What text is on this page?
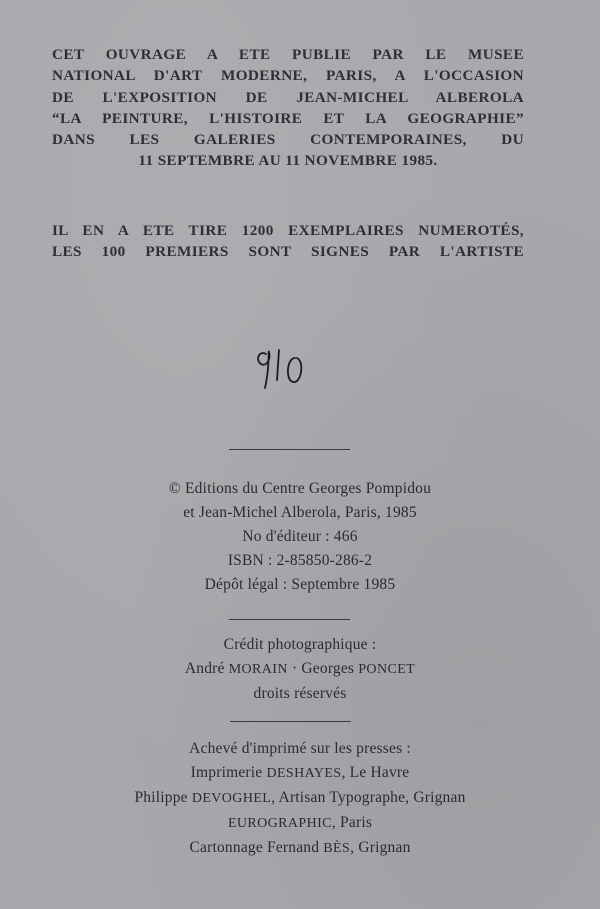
CET OUVRAGE A ETE PUBLIE PAR LE MUSEE
NATIONAL D'ART MODERNE, PARIS, A L'OCCASION
DE L'EXPOSITION DE JEAN-MICHEL ALBEROLA
“LA PEINTURE, L'HISTOIRE ET LA GEOGRAPHIE”
DANS LES GALERIES CONTEMPORAINES, DU
11 SEPTEMBRE AU 11 NOVEMBRE 1985.
IL EN A ETE TIRE 1200 EXEMPLAIRES NUMEROTÉS,
LES 100 PREMIERS SONT SIGNES PAR L'ARTISTE
© Editions du Centre Georges Pompidou
et Jean-Michel Alberola, Paris, 1985
No d'éditeur : 466
ISBN : 2-85850-286-2
Dépôt légal : Septembre 1985
Crédit photographique :
André MORAIN · Georges PONCET
droits réservés
Achevé d'imprimé sur les presses :
Imprimerie DESHAYES, Le Havre
Philippe DEVOGHEL, Artisan Typographe, Grignan
EUROGRAPHIC, Paris
Cartonnage Fernand BÈS, Grignan
